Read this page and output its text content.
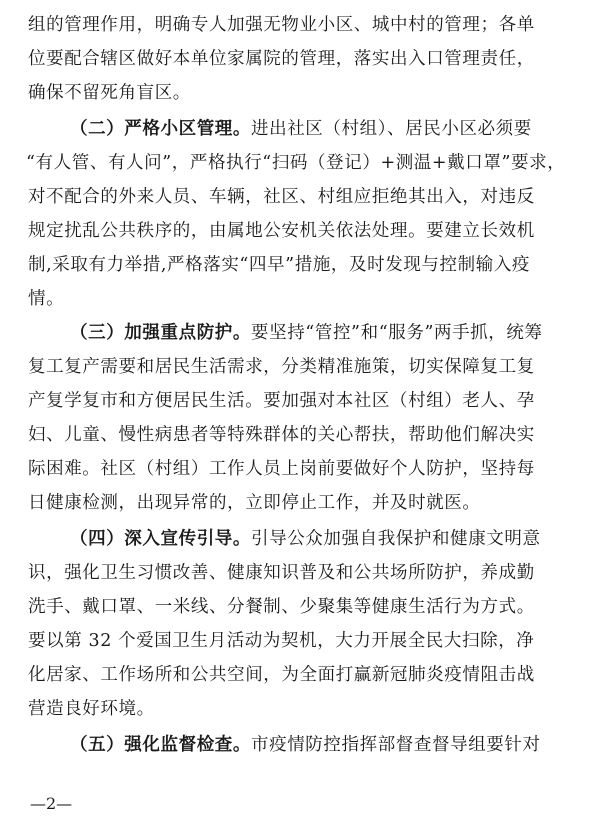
组的管理作用，明确专人加强无物业小区、城中村的管理；各单
位要配合辖区做好本单位家属院的管理，落实出入口管理责任，
确保不留死角盲区。
（二）严格小区管理。进出社区（村组）、居民小区必须要
“有人管、有人问”，严格执行“扫码（登记）+测温+戴口罩”要求，
对不配合的外来人员、车辆，社区、村组应拒绝其出入，对违反
规定扰乱公共秩序的，由属地公安机关依法处理。要建立长效机
制,采取有力举措,严格落实“四早”措施，及时发现与控制输入疫
情。
（三）加强重点防护。要坚持“管控”和“服务”两手抓，统筹
复工复产需要和居民生活需求，分类精准施策，切实保障复工复
产复学复市和方便居民生活。要加强对本社区（村组）老人、孕
妇、儿童、慢性病患者等特殊群体的关心帮扶，帮助他们解决实
际困难。社区（村组）工作人员上岗前要做好个人防护，坚持每
日健康检测，出现异常的，立即停止工作，并及时就医。
（四）深入宣传引导。引导公众加强自我保护和健康文明意
识，强化卫生习惯改善、健康知识普及和公共场所防护，养成勤
洗手、戴口罩、一米线、分餐制、少聚集等健康生活行为方式。
要以第 32 个爱国卫生月活动为契机，大力开展全民大扫除，净
化居家、工作场所和公共空间，为全面打赢新冠肺炎疫情阻击战
营造良好环境。
（五）强化监督检查。市疫情防控指挥部督查督导组要针对
—2—
